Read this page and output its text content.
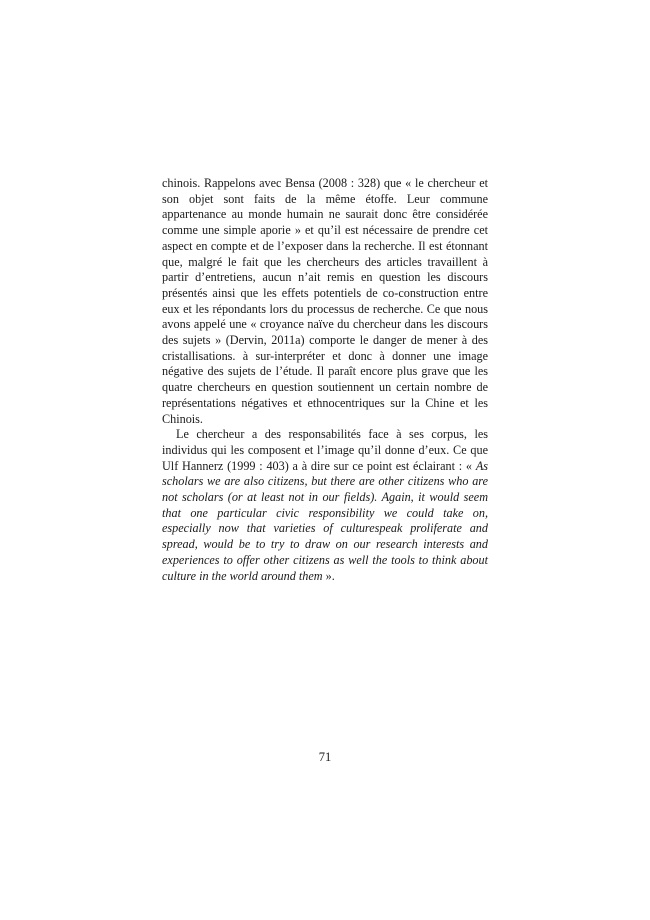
chinois. Rappelons avec Bensa (2008 : 328) que « le chercheur et son objet sont faits de la même étoffe. Leur commune appartenance au monde humain ne saurait donc être considérée comme une simple aporie » et qu’il est nécessaire de prendre cet aspect en compte et de l’exposer dans la recherche. Il est étonnant que, malgré le fait que les chercheurs des articles travaillent à partir d’entretiens, aucun n’ait remis en question les discours présentés ainsi que les effets potentiels de co-construction entre eux et les répondants lors du processus de recherche. Ce que nous avons appelé une « croyance naïve du chercheur dans les discours des sujets » (Dervin, 2011a) comporte le danger de mener à des cristallisations. à sur-interpréter et donc à donner une image négative des sujets de l’étude. Il paraît encore plus grave que les quatre chercheurs en question soutiennent un certain nombre de représentations négatives et ethnocentriques sur la Chine et les Chinois.

Le chercheur a des responsabilités face à ses corpus, les individus qui les composent et l’image qu’il donne d’eux. Ce que Ulf Hannerz (1999 : 403) a à dire sur ce point est éclairant : « As scholars we are also citizens, but there are other citizens who are not scholars (or at least not in our fields). Again, it would seem that one particular civic responsibility we could take on, especially now that varieties of culturespeak proliferate and spread, would be to try to draw on our research interests and experiences to offer other citizens as well the tools to think about culture in the world around them ».

71
